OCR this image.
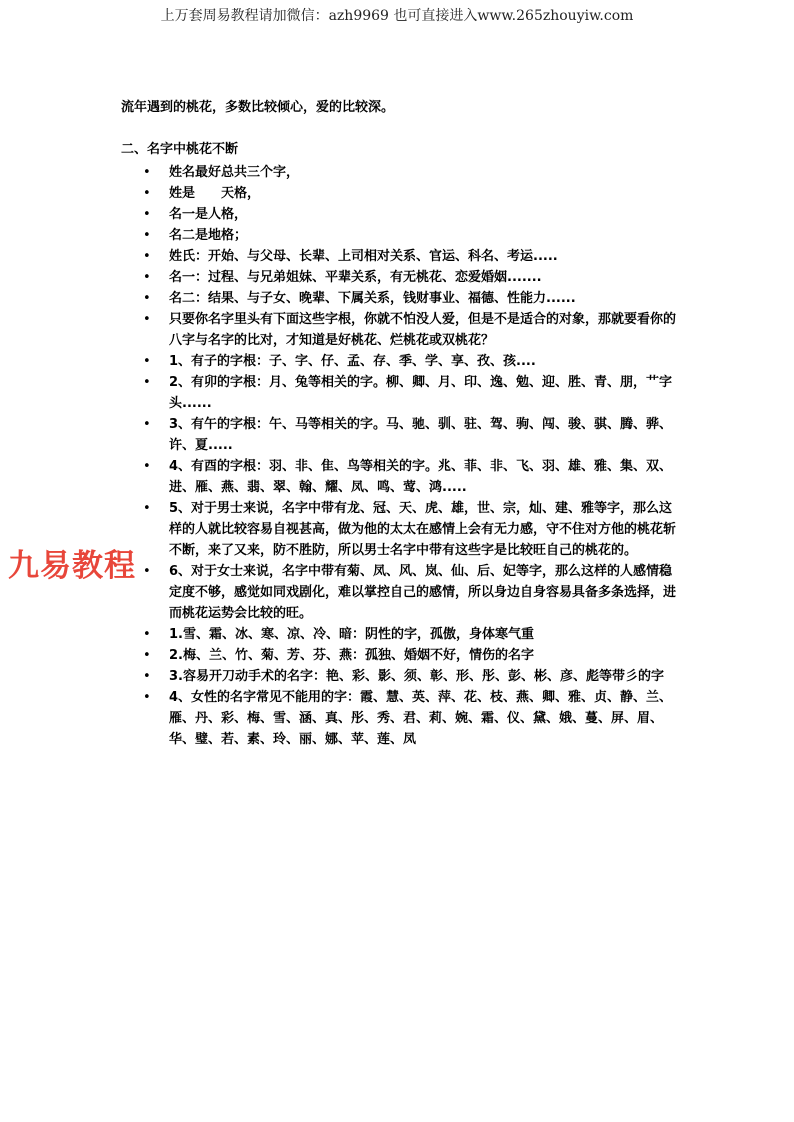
上万套周易教程请加微信：azh9969 也可直接进入www.265zhouyiw.com
九易教程

流年遇到的桃花，多数比较倾心，爱的比较深。

二、名字中桃花不断

• 姓名最好总共三个字，
• 姓是　　天格，
• 名一是人格，
• 名二是地格；
• 姓氏：开始、与父母、长辈、上司相对关系、官运、科名、考运.....
• 名一：过程、与兄弟姐妹、平辈关系，有无桃花、恋爱婚姻.......
• 名二：结果、与子女、晚辈、下属关系，钱财事业、福德、性能力......
• 只要你名字里头有下面这些字根，你就不怕没人爱，但是不是适合的对象，那就要看你的八字与名字的比对，才知道是好桃花、烂桃花或双桃花？
• 1、有子的字根：子、字、仔、孟、存、季、学、享、孜、孩....
• 2、有卯的字根：月、兔等相关的字。柳、卿、月、印、逸、勉、迎、胜、青、朋，艹字头......
• 3、有午的字根：午、马等相关的字。马、驰、驯、驻、驾、驹、闯、骏、骐、腾、骅、许、夏.....
• 4、有酉的字根：羽、非、隹、鸟等相关的字。兆、菲、非、飞、羽、雄、雅、集、双、进、雁、燕、翡、翠、翰、耀、凤、鸣、莺、鸿.....
• 5、对于男士来说，名字中带有龙、冠、天、虎、雄，世、宗，灿、建、雅等字，那么这样的人就比较容易自视甚高，做为他的太太在感情上会有无力感，守不住对方他的桃花斩不断，来了又来，防不胜防，所以男士名字中带有这些字是比较旺自己的桃花的。
• 6、对于女士来说，名字中带有菊、凤、风、岚、仙、后、妃等字，那么这样的人感情稳定度不够，感觉如同戏剧化，难以掌控自己的感情，所以身边自身容易具备多条选择，进而桃花运势会比较的旺。
• 1.雪、霜、冰、寒、凉、冷、暗：阴性的字，孤傲，身体寒气重
• 2.梅、兰、竹、菊、芳、芬、燕：孤独、婚姻不好，情伤的名字
• 3.容易开刀动手术的名字：艳、彩、影、须、彰、形、彤、彭、彬、彦、彪等带彡的字
• 4、女性的名字常见不能用的字：霞、慧、英、萍、花、枝、燕、卿、雅、贞、静、兰、雁、丹、彩、梅、雪、涵、真、彤、秀、君、莉、婉、霜、仪、黛、娥、蔓、屏、眉、华、璧、若、素、玲、丽、娜、苹、莲、凤
